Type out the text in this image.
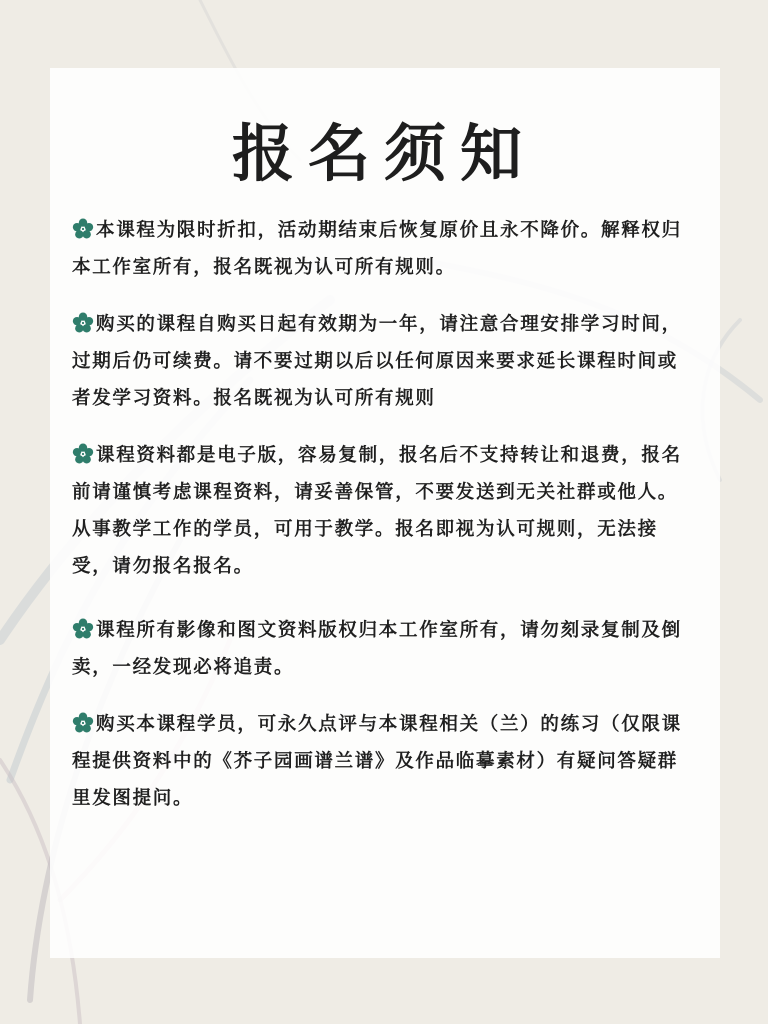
报名须知

本课程为限时折扣，活动期结束后恢复原价且永不降价。解释权归本工作室所有，报名既视为认可所有规则。

购买的课程自购买日起有效期为一年，请注意合理安排学习时间，过期后仍可续费。请不要过期以后以任何原因来要求延长课程时间或者发学习资料。报名既视为认可所有规则

课程资料都是电子版，容易复制，报名后不支持转让和退费，报名前请谨慎考虑课程资料，请妥善保管，不要发送到无关社群或他人。从事教学工作的学员，可用于教学。报名即视为认可规则，无法接受，请勿报名报名。

课程所有影像和图文资料版权归本工作室所有，请勿刻录复制及倒卖，一经发现必将追责。

购买本课程学员，可永久点评与本课程相关（兰）的练习（仅限课程提供资料中的《芥子园画谱兰谱》及作品临摹素材）有疑问答疑群里发图提问。
